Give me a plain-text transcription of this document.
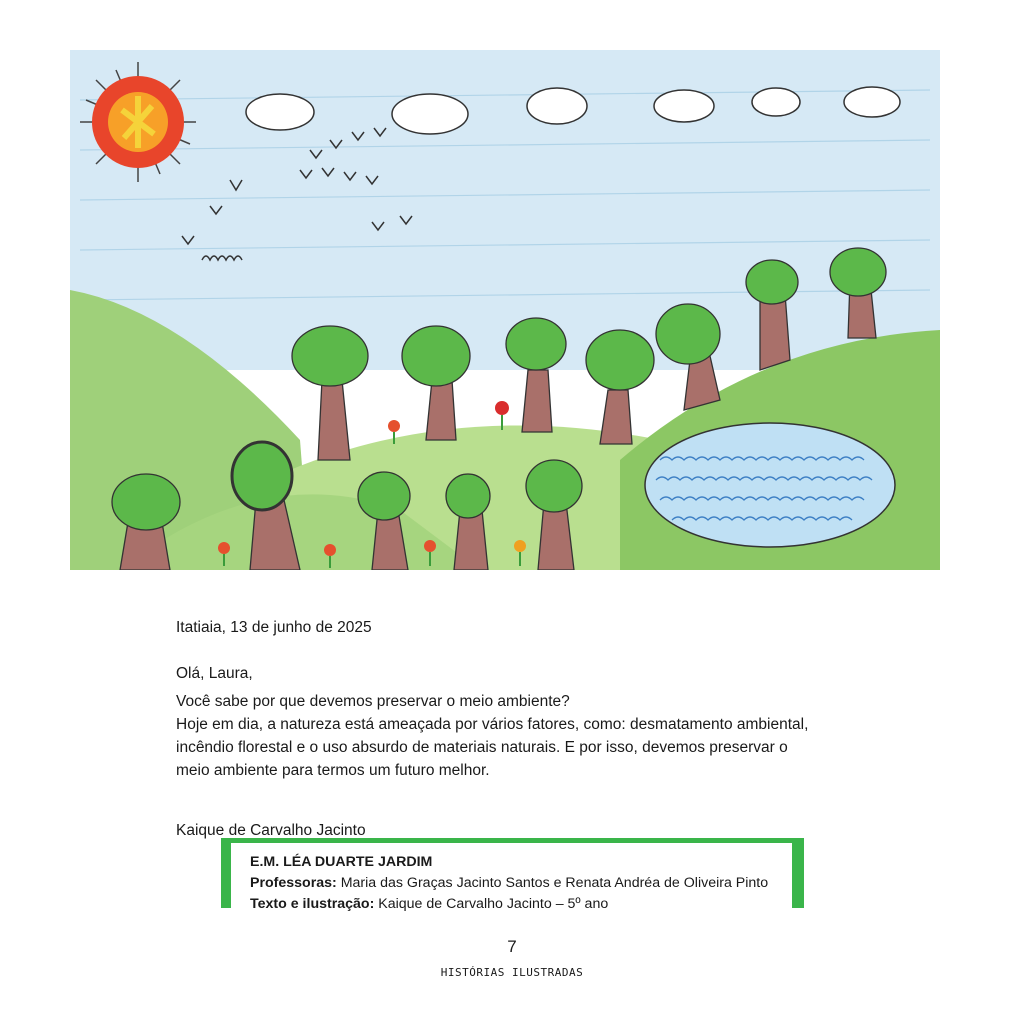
Itatiaia, 13 de junho de 2025

Olá, Laura,

Você sabe por que devemos preservar o meio ambiente?

Hoje em dia, a natureza está ameaçada por vários fatores, como: desmatamento ambiental,

incêndio florestal e o uso absurdo de materiais naturais. E por isso, devemos preservar o

meio ambiente para termos um futuro melhor.

Kaique de Carvalho Jacinto

E.M. LÉA DUARTE JARDIM
Professoras: Maria das Graças Jacinto Santos e Renata Andréa de Oliveira Pinto
Texto e ilustração: Kaique de Carvalho Jacinto – 5º ano
7
HISTÓRIAS ILUSTRADAS
